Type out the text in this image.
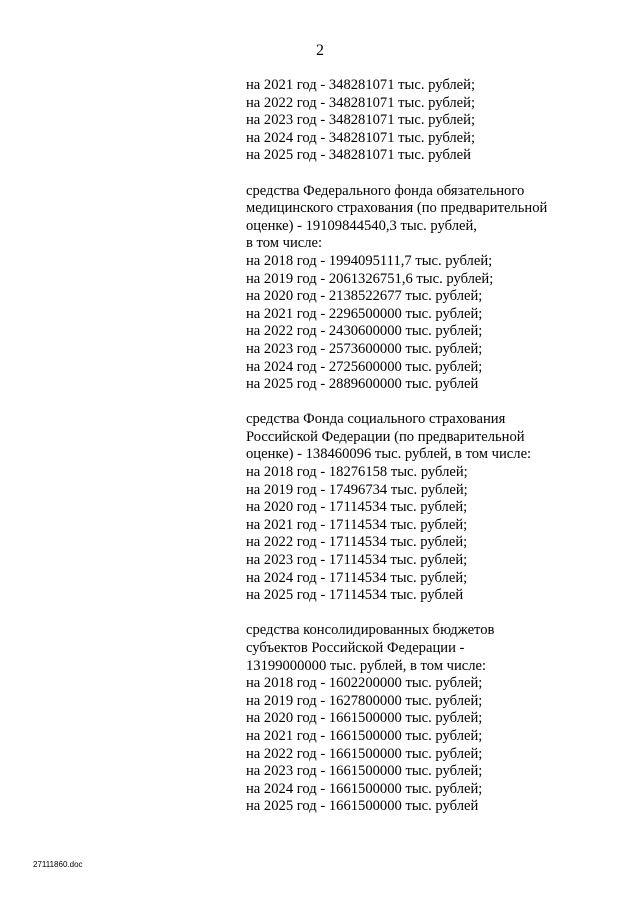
2
на 2021 год - 348281071 тыс. рублей;
на 2022 год - 348281071 тыс. рублей;
на 2023 год - 348281071 тыс. рублей;
на 2024 год - 348281071 тыс. рублей;
на 2025 год - 348281071 тыс. рублей
средства Федерального фонда обязательного
медицинского страхования (по предварительной
оценке) - 19109844540,3 тыс. рублей,
в том числе:
на 2018 год - 1994095111,7 тыс. рублей;
на 2019 год - 2061326751,6 тыс. рублей;
на 2020 год - 2138522677 тыс. рублей;
на 2021 год - 2296500000 тыс. рублей;
на 2022 год - 2430600000 тыс. рублей;
на 2023 год - 2573600000 тыс. рублей;
на 2024 год - 2725600000 тыс. рублей;
на 2025 год - 2889600000 тыс. рублей
средства Фонда социального страхования
Российской Федерации (по предварительной
оценке) - 138460096 тыс. рублей, в том числе:
на 2018 год - 18276158 тыс. рублей;
на 2019 год - 17496734 тыс. рублей;
на 2020 год - 17114534 тыс. рублей;
на 2021 год - 17114534 тыс. рублей;
на 2022 год - 17114534 тыс. рублей;
на 2023 год - 17114534 тыс. рублей;
на 2024 год - 17114534 тыс. рублей;
на 2025 год - 17114534 тыс. рублей
средства консолидированных бюджетов
субъектов Российской Федерации -
13199000000 тыс. рублей, в том числе:
на 2018 год - 1602200000 тыс. рублей;
на 2019 год - 1627800000 тыс. рублей;
на 2020 год - 1661500000 тыс. рублей;
на 2021 год - 1661500000 тыс. рублей;
на 2022 год - 1661500000 тыс. рублей;
на 2023 год - 1661500000 тыс. рублей;
на 2024 год - 1661500000 тыс. рублей;
на 2025 год - 1661500000 тыс. рублей
27111860.doc
